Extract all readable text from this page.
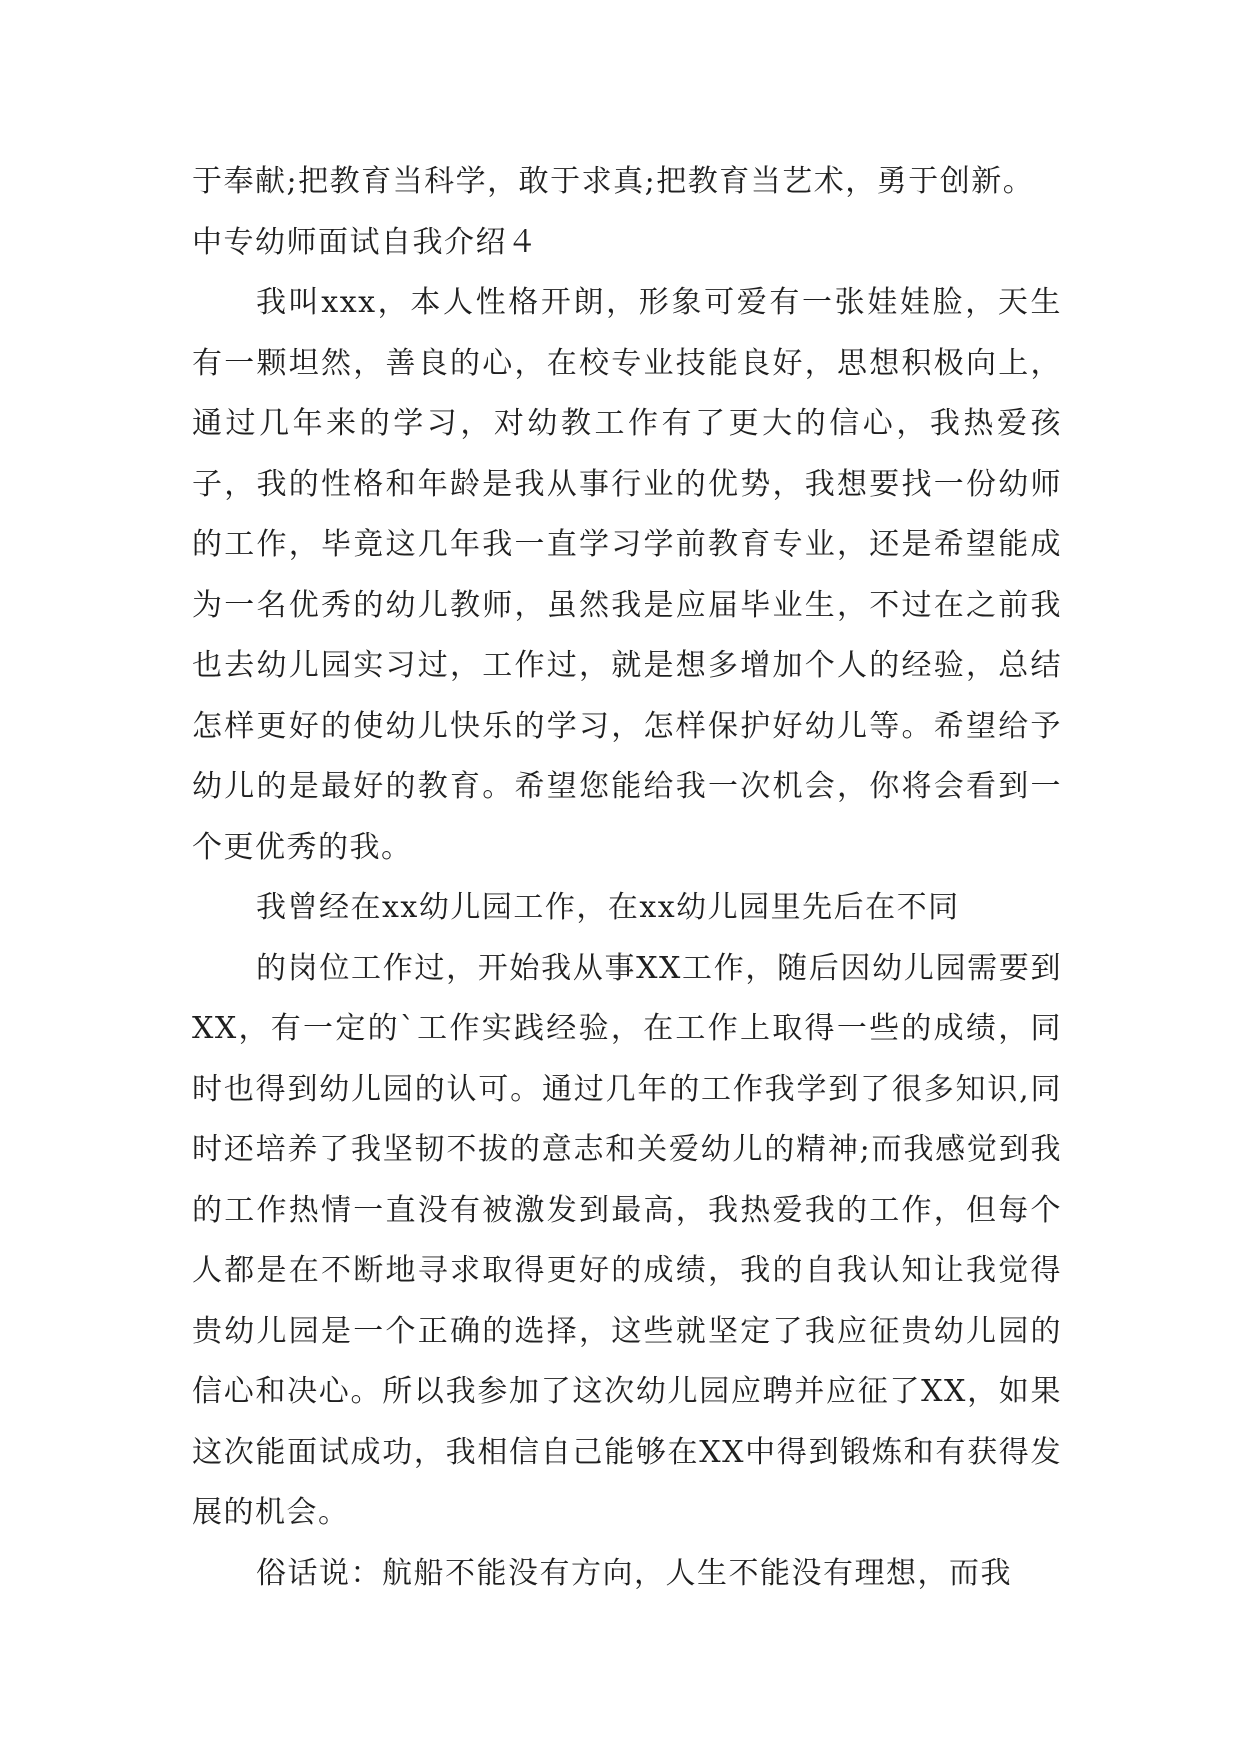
于奉献;把教育当科学，敢于求真;把教育当艺术，勇于创新。

中专幼师面试自我介绍４

我叫xxx，本人性格开朗，形象可爱有一张娃娃脸，天生有一颗坦然，善良的心，在校专业技能良好，思想积极向上，通过几年来的学习，对幼教工作有了更大的信心，我热爱孩子，我的性格和年龄是我从事行业的优势，我想要找一份幼师的工作，毕竟这几年我一直学习学前教育专业，还是希望能成为一名优秀的幼儿教师，虽然我是应届毕业生，不过在之前我也去幼儿园实习过，工作过，就是想多增加个人的经验，总结怎样更好的使幼儿快乐的学习，怎样保护好幼儿等。希望给予幼儿的是最好的教育。希望您能给我一次机会，你将会看到一个更优秀的我。

我曾经在xx幼儿园工作，在xx幼儿园里先后在不同

的岗位工作过，开始我从事XX工作，随后因幼儿园需要到XX，有一定的`工作实践经验，在工作上取得一些的成绩，同时也得到幼儿园的认可。通过几年的工作我学到了很多知识,同时还培养了我坚韧不拔的意志和关爱幼儿的精神;而我感觉到我的工作热情一直没有被激发到最高，我热爱我的工作，但每个人都是在不断地寻求取得更好的成绩，我的自我认知让我觉得贵幼儿园是一个正确的选择，这些就坚定了我应征贵幼儿园的信心和决心。所以我参加了这次幼儿园应聘并应征了XX，如果这次能面试成功，我相信自己能够在XX中得到锻炼和有获得发展的机会。

俗话说：航船不能没有方向，人生不能没有理想，而我
